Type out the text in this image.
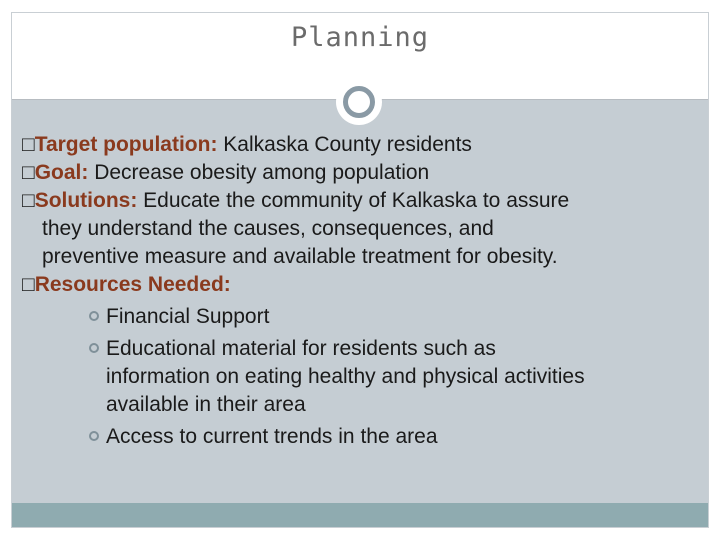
Planning

□Target population: Kalkaska County residents

□Goal: Decrease obesity among population

□Solutions: Educate the community of Kalkaska to assure
they understand the causes, consequences, and
preventive measure and available treatment for obesity.

□Resources Needed:

Financial Support
Educational material for residents such as
information on eating healthy and physical activities
available in their area
Access to current trends in the area
